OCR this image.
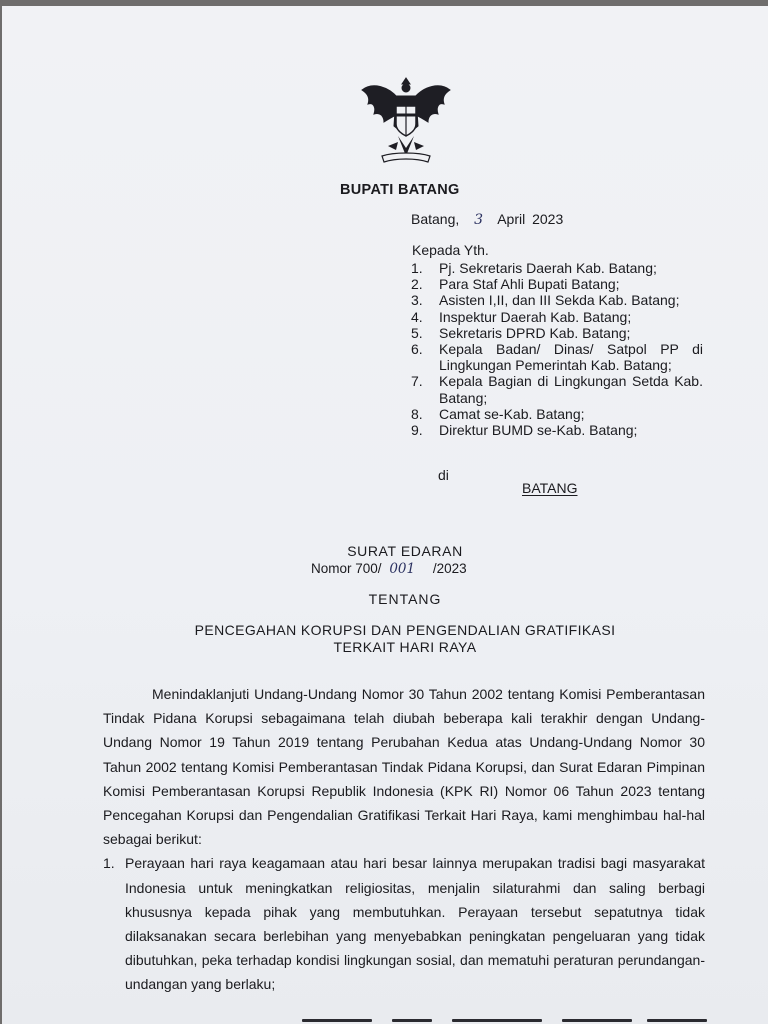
BUPATI BATANG
Batang, 3 April 2023
Kepada Yth.
1.	Pj. Sekretaris Daerah Kab. Batang;
2.	Para Staf Ahli Bupati Batang;
3.	Asisten I,II, dan III Sekda Kab. Batang;
4.	Inspektur Daerah Kab. Batang;
5.	Sekretaris DPRD Kab. Batang;
6.	Kepala Badan/ Dinas/ Satpol PP di Lingkungan Pemerintah Kab. Batang;
7.	Kepala Bagian di Lingkungan Setda Kab. Batang;
8.	Camat se-Kab. Batang;
9.	Direktur BUMD se-Kab. Batang;
di
BATANG
SURAT EDARAN
Nomor 700/ 001 /2023
TENTANG
PENCEGAHAN KORUPSI DAN PENGENDALIAN GRATIFIKASI
TERKAIT HARI RAYA

Menindaklanjuti Undang-Undang Nomor 30 Tahun 2002 tentang Komisi Pemberantasan Tindak Pidana Korupsi sebagaimana telah diubah beberapa kali terakhir dengan Undang-Undang Nomor 19 Tahun 2019 tentang Perubahan Kedua atas Undang-Undang Nomor 30 Tahun 2002 tentang Komisi Pemberantasan Tindak Pidana Korupsi, dan Surat Edaran Pimpinan Komisi Pemberantasan Korupsi Republik Indonesia (KPK RI) Nomor 06 Tahun 2023 tentang Pencegahan Korupsi dan Pengendalian Gratifikasi Terkait Hari Raya, kami menghimbau hal-hal sebagai berikut:

1. Perayaan hari raya keagamaan atau hari besar lainnya merupakan tradisi bagi masyarakat Indonesia untuk meningkatkan religiositas, menjalin silaturahmi dan saling berbagi khususnya kepada pihak yang membutuhkan. Perayaan tersebut sepatutnya tidak dilaksanakan secara berlebihan yang menyebabkan peningkatan pengeluaran yang tidak dibutuhkan, peka terhadap kondisi lingkungan sosial, dan mematuhi peraturan perundangan-undangan yang berlaku;
